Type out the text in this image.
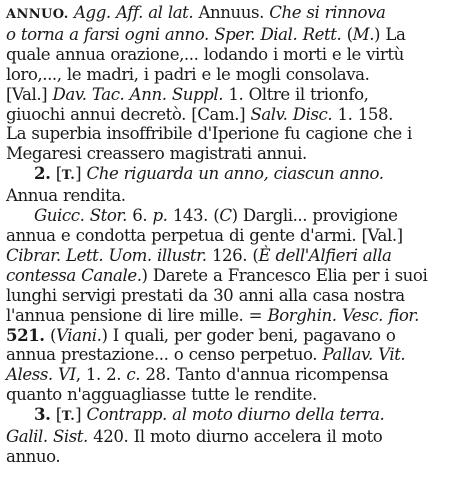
ANNUO. Agg. Aff. al lat. Annuus. Che si rinnova
o torna a farsi ogni anno. Sper. Dial. Rett. (M.) La
quale annua orazione,... lodando i morti e le virtù
loro,..., le madri, i padri e le mogli consolava.
[Val.] Dav. Tac. Ann. Suppl. 1. Oltre il trionfo,
giuochi annui decretò. [Cam.] Salv. Disc. 1. 158.
La superbia insoffribile d'Iperione fu cagione che i
Megaresi creassero magistrati annui.
2. [T.] Che riguarda un anno, ciascun anno.
Annua rendita.
Guicc. Stor. 6. p. 143. (C) Dargli... provigione
annua e condotta perpetua di gente d'armi. [Val.]
Cibrar. Lett. Uom. illustr. 126. (È dell'Alfieri alla
contessa Canale.) Darete a Francesco Elia per i suoi
lunghi servigi prestati da 30 anni alla casa nostra
l'annua pensione di lire mille. = Borghin. Vesc. fior.
521. (Viani.) I quali, per goder beni, pagavano o
annua prestazione... o censo perpetuo. Pallav. Vit.
Aless. VI, 1. 2. c. 28. Tanto d'annua ricompensa
quanto n'agguagliasse tutte le rendite.
3. [T.] Contrapp. al moto diurno della terra.
Galil. Sist. 420. Il moto diurno accelera il moto
annuo.
